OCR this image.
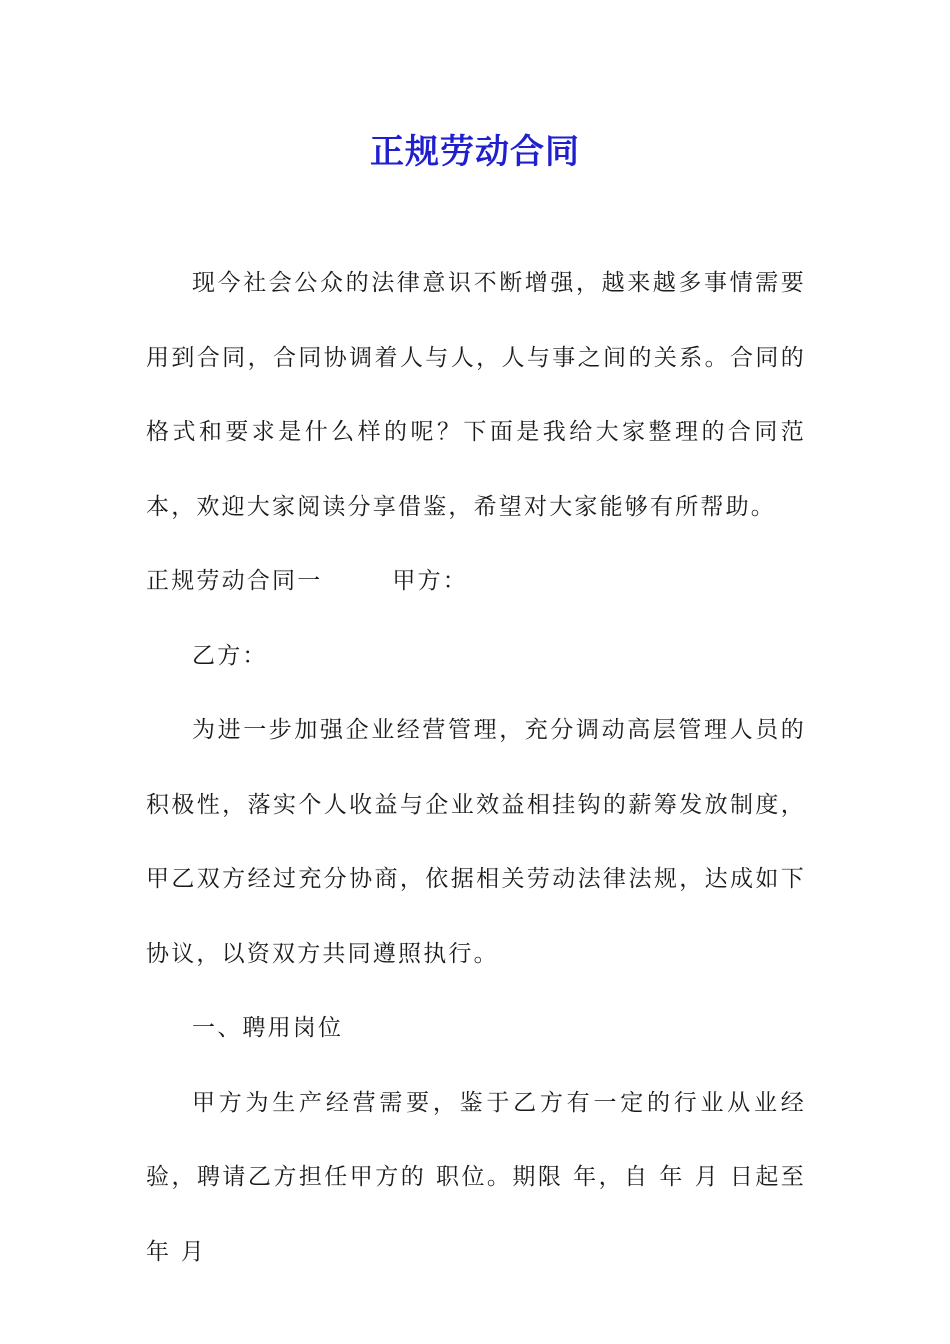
正规劳动合同

现今社会公众的法律意识不断增强，越来越多事情需要用到合同，合同协调着人与人，人与事之间的关系。合同的格式和要求是什么样的呢？下面是我给大家整理的合同范本，欢迎大家阅读分享借鉴，希望对大家能够有所帮助。

正规劳动合同一	甲方：

乙方：

为进一步加强企业经营管理，充分调动高层管理人员的积极性，落实个人收益与企业效益相挂钩的薪筹发放制度，甲乙双方经过充分协商，依据相关劳动法律法规，达成如下协议，以资双方共同遵照执行。

一、聘用岗位

甲方为生产经营需要，鉴于乙方有一定的行业从业经验，聘请乙方担任甲方的 职位。期限 年，自 年 月 日起至 年 月
